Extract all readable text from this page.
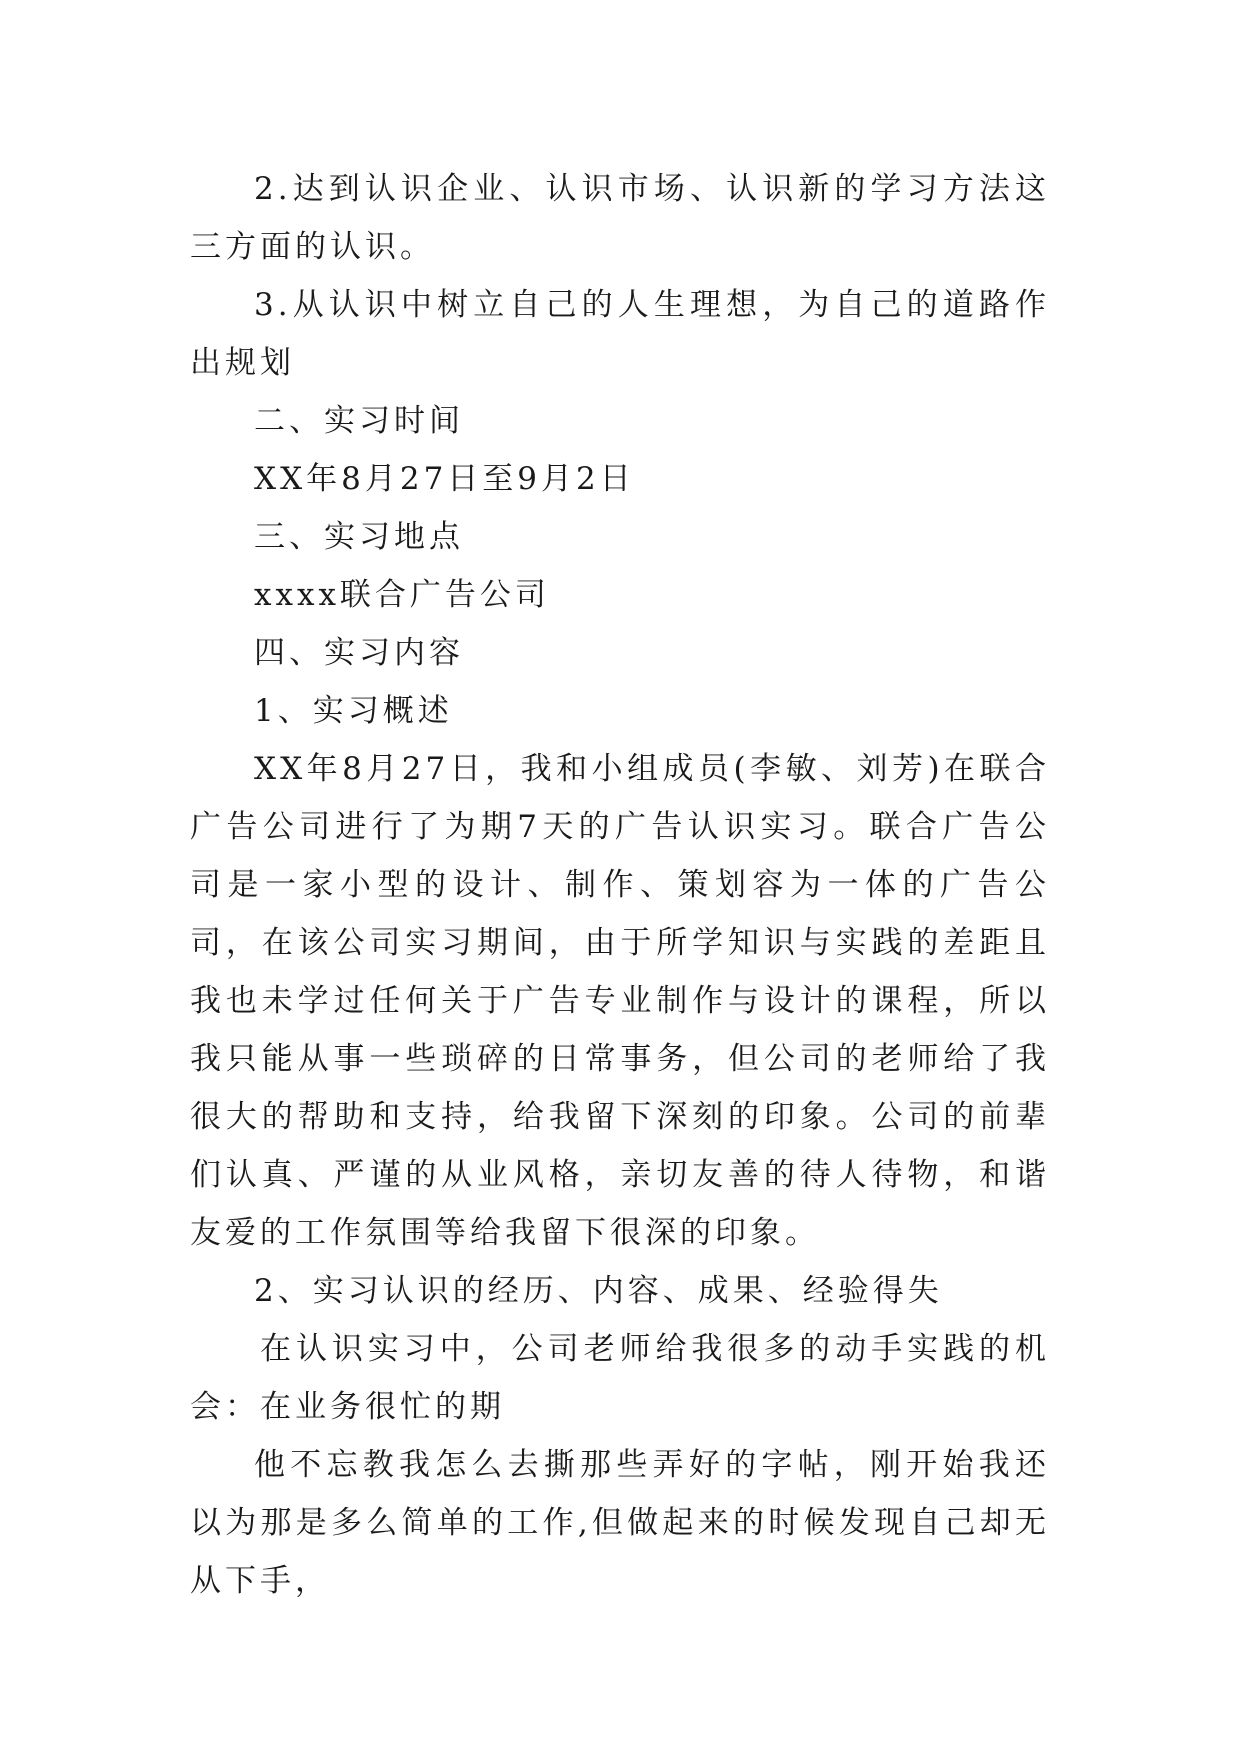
2.达到认识企业、认识市场、认识新的学习方法这三方面的认识。

3.从认识中树立自己的人生理想，为自己的道路作出规划

二、实习时间

XX年8月27日至9月2日

三、实习地点

xxxx联合广告公司

四、实习内容

1、实习概述

XX年8月27日，我和小组成员(李敏、刘芳)在联合广告公司进行了为期7天的广告认识实习。联合广告公司是一家小型的设计、制作、策划容为一体的广告公司，在该公司实习期间，由于所学知识与实践的差距且我也未学过任何关于广告专业制作与设计的课程，所以我只能从事一些琐碎的日常事务，但公司的老师给了我很大的帮助和支持，给我留下深刻的印象。公司的前辈们认真、严谨的从业风格，亲切友善的待人待物，和谐友爱的工作氛围等给我留下很深的印象。

2、实习认识的经历、内容、成果、经验得失

在认识实习中，公司老师给我很多的动手实践的机会：在业务很忙的期

他不忘教我怎么去撕那些弄好的字帖，刚开始我还以为那是多么简单的工作,但做起来的时候发现自己却无从下手，
